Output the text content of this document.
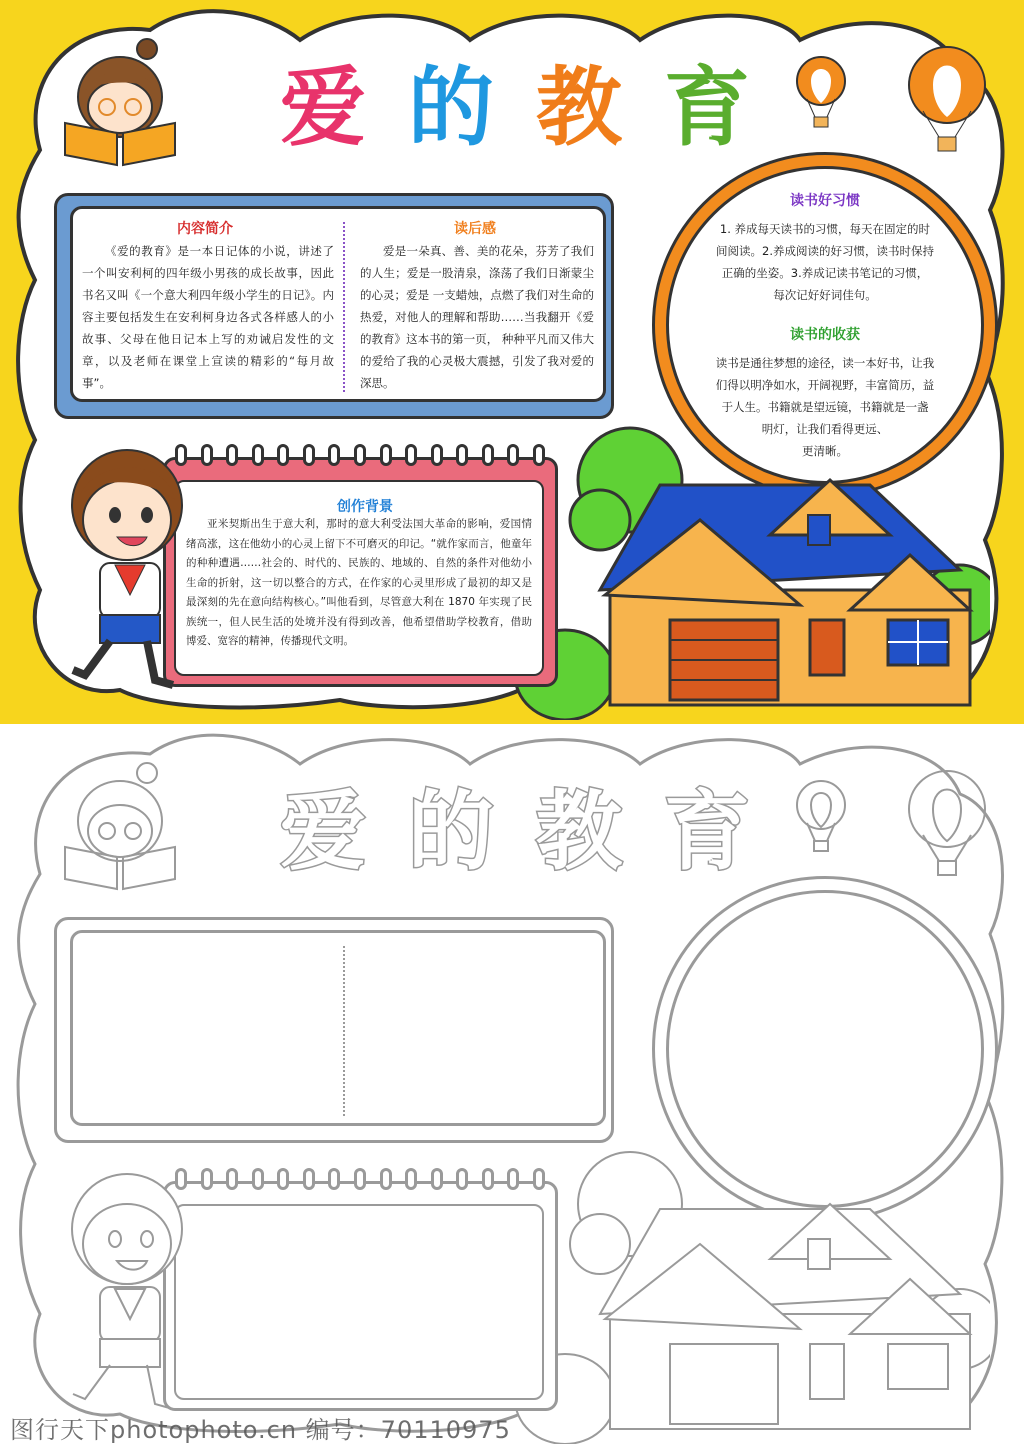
爱 的 教 育
内容简介

《爱的教育》是一本日记体的小说，讲述了一个叫安利柯的四年级小男孩的成长故事，因此书名又叫《一个意大利四年级小学生的日记》。内容主要包括发生在安利柯身边各式各样感人的小故事、父母在他日记本上写的劝诫启发性的文章，以及老师在课堂上宣读的精彩的“每月故事”。

读后感

爱是一朵真、善、美的花朵，芬芳了我们的人生；爱是一股清泉，涤荡了我们日渐蒙尘的心灵；爱是 一支蜡烛，点燃了我们对生命的热爱，对他人的理解和帮助……当我翻开《爱的教育》这本书的第一页， 种种平凡而又伟大的爱给了我的心灵极大震撼，引发了我对爱的深思。

读书好习惯

1. 养成每天读书的习惯，每天在固定的时

间阅读。2.养成阅读的好习惯，读书时保持

正确的坐姿。3.养成记读书笔记的习惯，

每次记好好词佳句。

读书的收获

读书是通往梦想的途径，读一本好书，让我

们得以明净如水，开阔视野，丰富简历，益

于人生。书籍就是望远镜，书籍就是一盏

明灯，让我们看得更远、

更清晰。

创作背景

亚米契斯出生于意大利，那时的意大利受法国大革命的影响，爱国情绪高涨，这在他幼小的心灵上留下不可磨灭的印记。“就作家而言，他童年的种种遭遇……社会的、时代的、民族的、地域的、自然的条件对他幼小生命的折射，这一切以整合的方式，在作家的心灵里形成了最初的却又是最深刻的先在意向结构核心。”叫他看到，尽管意大利在 1870 年实现了民族统一，但人民生活的处境并没有得到改善，他希望借助学校教育，借助博爱、宽容的精神，传播现代文明。

爱 的 教 育
图行天下photophoto.cn 编号：70110975
